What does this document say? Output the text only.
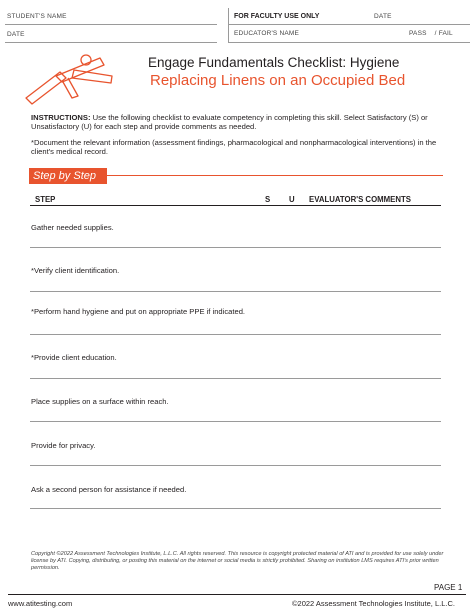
STUDENT'S NAME
DATE
FOR FACULTY USE ONLY	DATE
EDUCATOR'S NAME	PASS    / FAIL
Engage Fundamentals Checklist: Hygiene
Replacing Linens on an Occupied Bed
INSTRUCTIONS: Use the following checklist to evaluate competency in completing this skill. Select Satisfactory (S) or Unsatisfactory (U) for each step and provide comments as needed.
*Document the relevant information (assessment findings, pharmacological and nonpharmacological interventions) in the client's medical record.
Step by Step
STEP	S U EVALUATOR'S COMMENTS
Gather needed supplies.
*Verify client identification.
*Perform hand hygiene and put on appropriate PPE if indicated.
*Provide client education.
Place supplies on a surface within reach.
Provide for privacy.
Ask a second person for assistance if needed.
Copyright ©2022 Assessment Technologies Institute, L.L.C. All rights reserved. This resource is copyright protected material of ATI and is provided for use solely under license by ATI. Copying, distributing, or posting this material on the internet or social media is strictly prohibited. Sharing on institution LMS requires ATI's prior written permission.
PAGE 1
www.atitesting.com	©2022 Assessment Technologies Institute, L.L.C.
